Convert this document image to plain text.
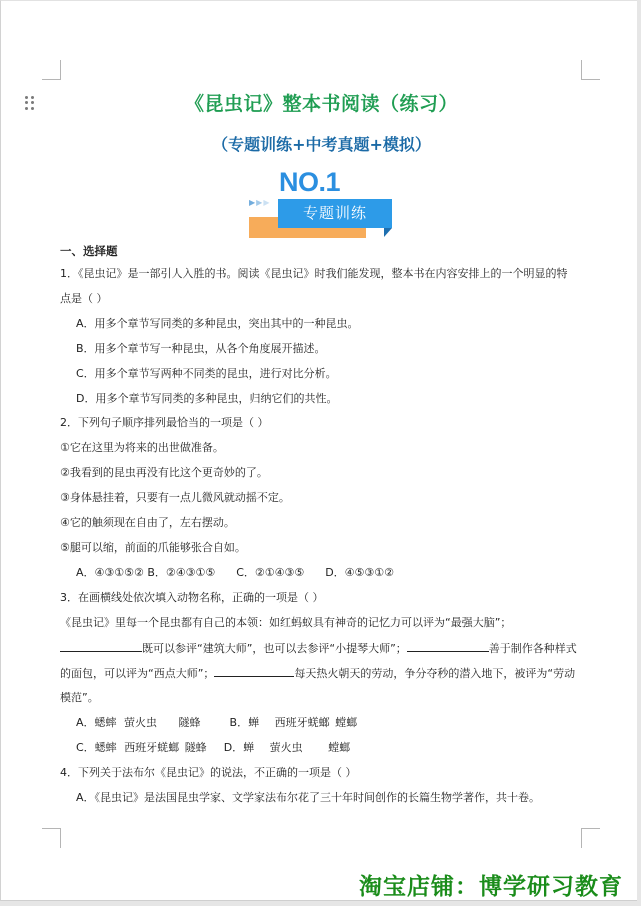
《昆虫记》整本书阅读（练习）
（专题训练+中考真题+模拟）
NO.1
▶▶▶
专题训练
一、选择题
1．《昆虫记》是一部引人入胜的书。阅读《昆虫记》时我们能发现，整本书在内容安排上的一个明显的特
点是（ ）
A．用多个章节写同类的多种昆虫，突出其中的一种昆虫。
B．用多个章节写一种昆虫，从各个角度展开描述。
C．用多个章节写两种不同类的昆虫，进行对比分析。
D．用多个章节写同类的多种昆虫，归纳它们的共性。
2．下列句子顺序排列最恰当的一项是（ ）
①它在这里为将来的出世做准备。
②我看到的昆虫再没有比这个更奇妙的了。
③身体悬挂着，只要有一点儿微风就动摇不定。
④它的触须现在自由了，左右摆动。
⑤腿可以缩，前面的爪能够张合自如。
A．④③①⑤② B．②④③①⑤ C．②①④③⑤ D．④⑤③①②
3．在画横线处依次填入动物名称，正确的一项是（ ）
《昆虫记》里每一个昆虫都有自己的本领：如红蚂蚁具有神奇的记忆力可以评为“最强大脑”；
既可以参评“建筑大师”，也可以去参评“小提琴大师”；	善于制作各种样式
的面包，可以评为“西点大师”；	每天热火朝天的劳动，争分夺秒的潜入地下，被评为“劳动
模范”。
A．蟋蟀 萤火虫 隧蜂	B．蝉 西班牙蜣螂 螳螂
C．蟋蟀 西班牙蜣螂 隧蜂 D．蝉 萤火虫 螳螂
4．下列关于法布尔《昆虫记》的说法，不正确的一项是（ ）
A．《昆虫记》是法国昆虫学家、文学家法布尔花了三十年时间创作的长篇生物学著作，共十卷。
淘宝店铺：博学研习教育
